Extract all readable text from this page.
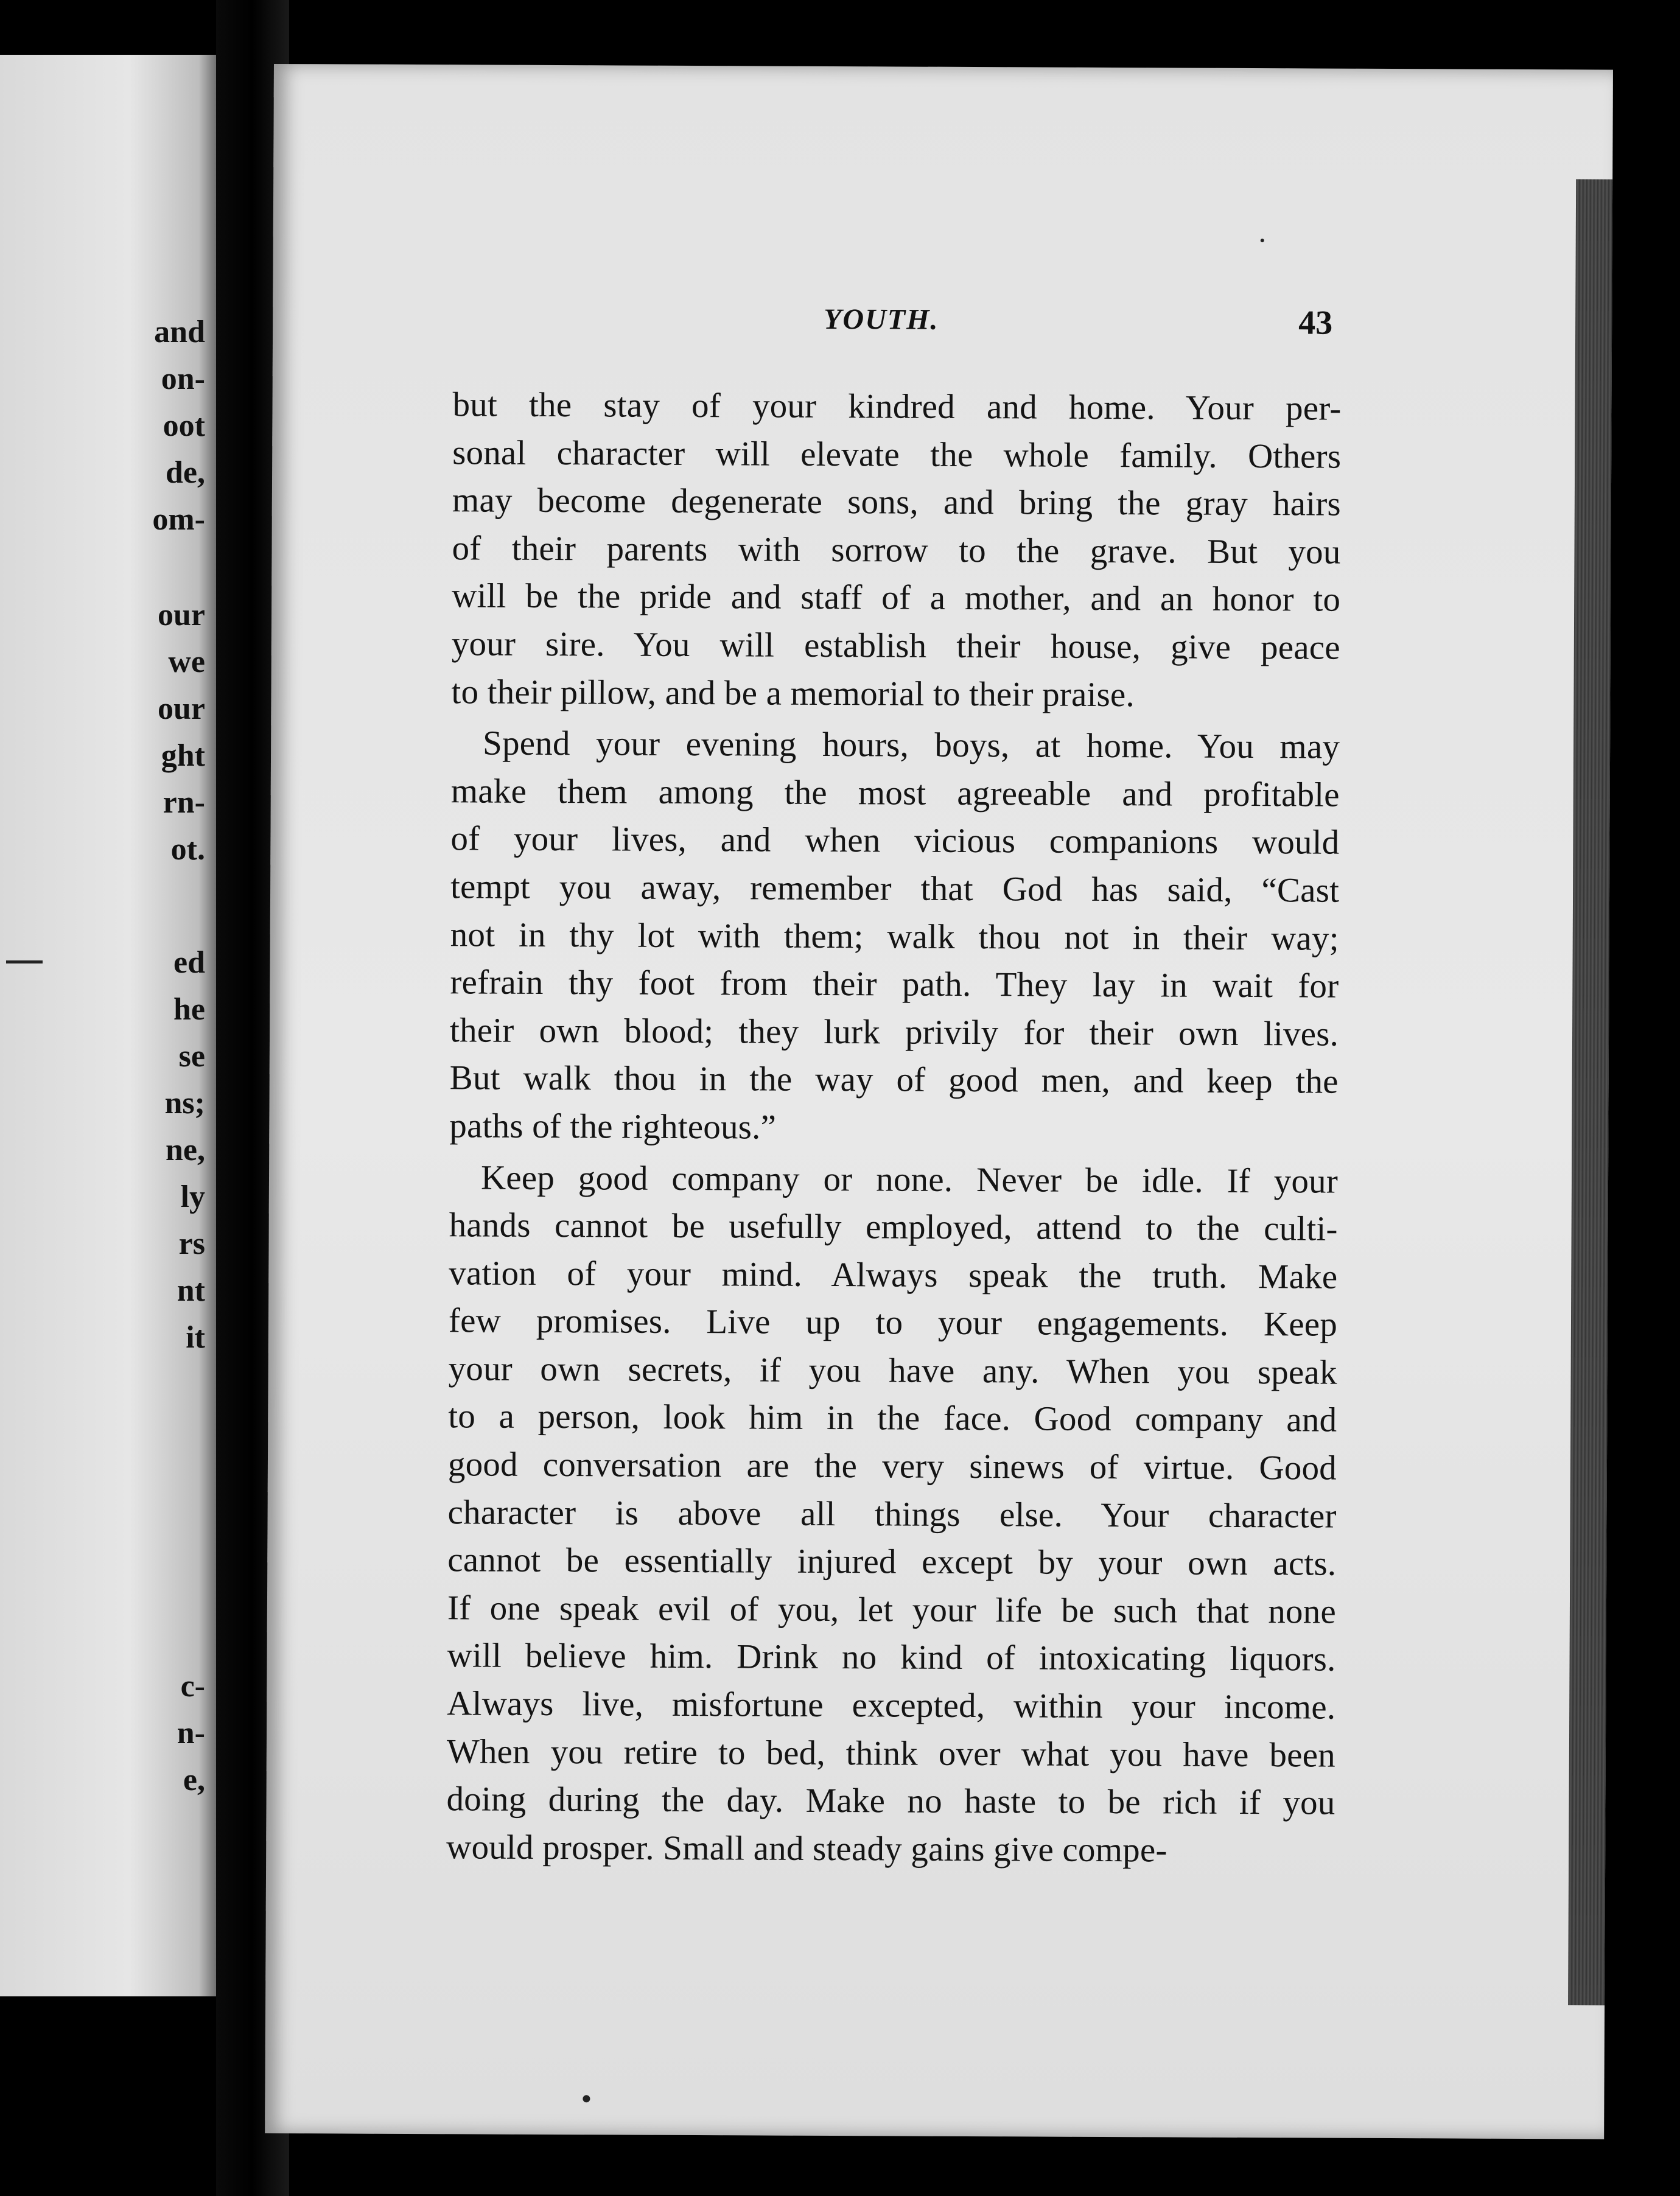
and
on-
oot
de,
om-
our
we
our
ght
rn-
ot.
ed
he
se
ns;
ne,
ly
rs
nt
it
c-
n-
e,
YOUTH.	43
but the stay of your kindred and home. Your per-
sonal character will elevate the whole family. Others
may become degenerate sons, and bring the gray hairs
of their parents with sorrow to the grave. But you
will be the pride and staff of a mother, and an honor to
your sire. You will establish their house, give peace
to their pillow, and be a memorial to their praise.
Spend your evening hours, boys, at home. You may
make them among the most agreeable and profitable
of your lives, and when vicious companions would
tempt you away, remember that God has said, “Cast
not in thy lot with them; walk thou not in their way;
refrain thy foot from their path. They lay in wait for
their own blood; they lurk privily for their own lives.
But walk thou in the way of good men, and keep the
paths of the righteous.”
Keep good company or none. Never be idle. If your
hands cannot be usefully employed, attend to the culti-
vation of your mind. Always speak the truth. Make
few promises. Live up to your engagements. Keep
your own secrets, if you have any. When you speak
to a person, look him in the face. Good company and
good conversation are the very sinews of virtue. Good
character is above all things else. Your character
cannot be essentially injured except by your own acts.
If one speak evil of you, let your life be such that none
will believe him. Drink no kind of intoxicating liquors.
Always live, misfortune excepted, within your income.
When you retire to bed, think over what you have been
doing during the day. Make no haste to be rich if you
would prosper. Small and steady gains give compe-
